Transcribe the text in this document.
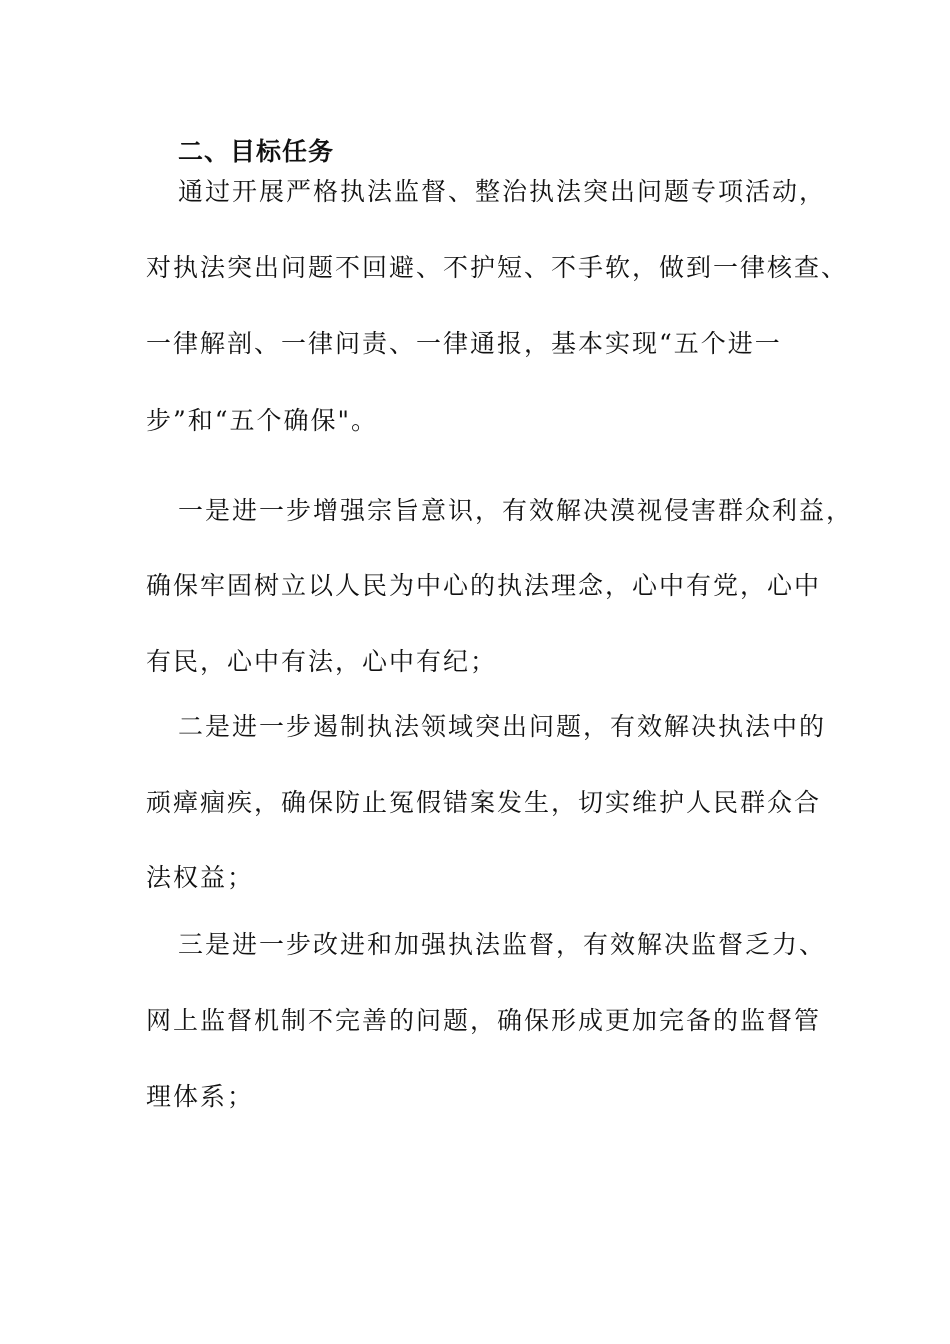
二、目标任务
通过开展严格执法监督、整治执法突出问题专项活动，
对执法突出问题不回避、不护短、不手软，做到一律核查、
一律解剖、一律问责、一律通报，基本实现“五个进一
步”和“五个确保"。
一是进一步增强宗旨意识，有效解决漠视侵害群众利益，
确保牢固树立以人民为中心的执法理念，心中有党，心中
有民，心中有法，心中有纪；
二是进一步遏制执法领域突出问题，有效解决执法中的
顽瘴痼疾，确保防止冤假错案发生，切实维护人民群众合
法权益；
三是进一步改进和加强执法监督，有效解决监督乏力、
网上监督机制不完善的问题，确保形成更加完备的监督管
理体系；
